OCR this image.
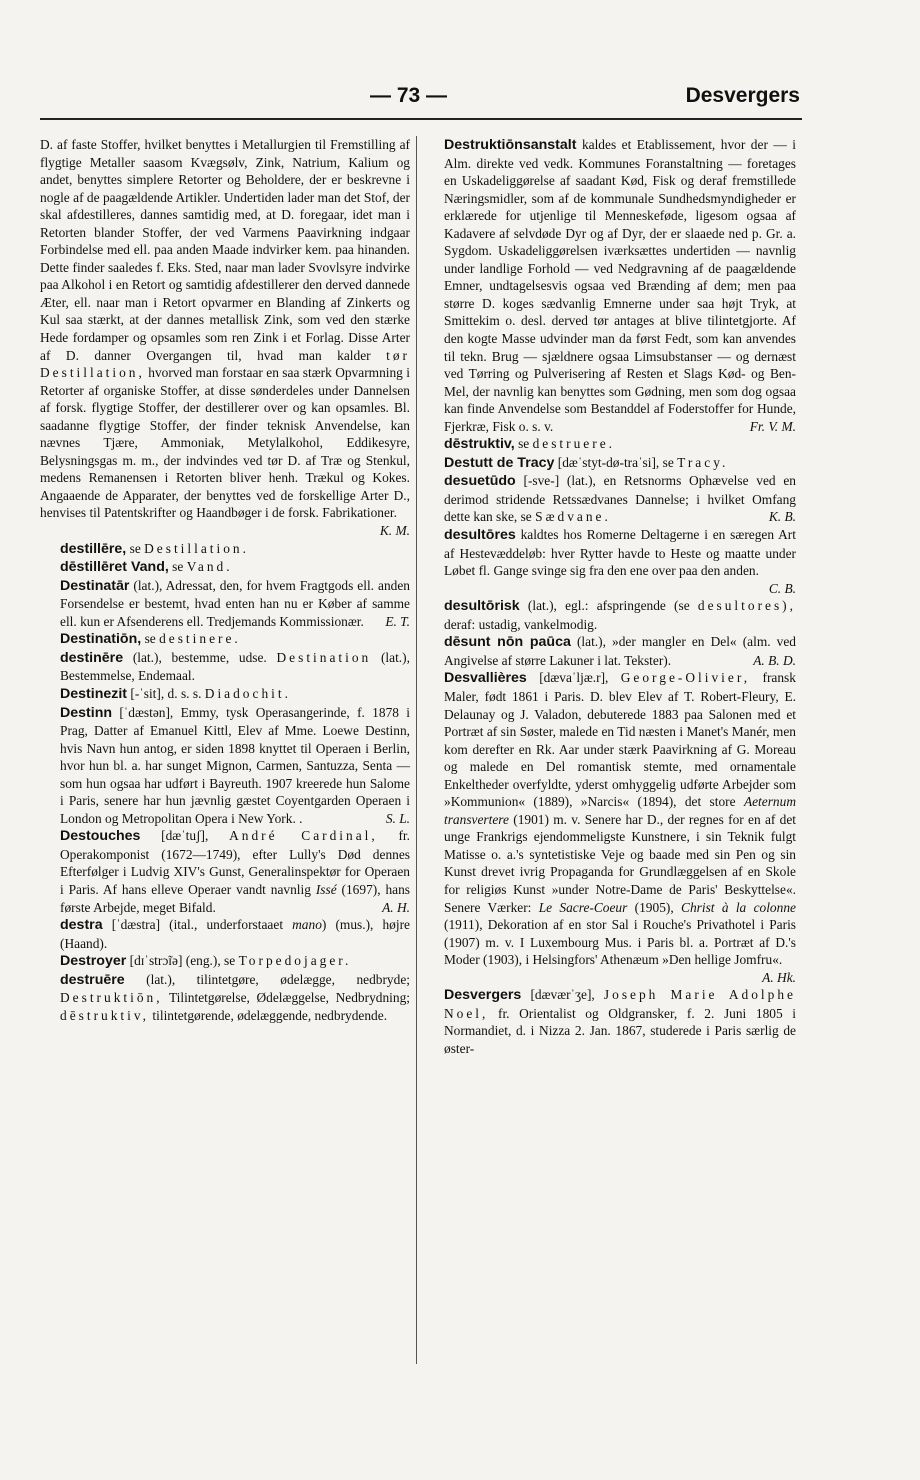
— 73 —	Desvergers

D. af faste Stoffer, hvilket benyttes i Metallurgien til Fremstilling af flygtige Metaller saasom Kvægsølv, Zink, Natrium, Kalium og andet, benyttes simplere Retorter og Beholdere, der er beskrevne i nogle af de paagældende Artikler. Undertiden lader man det Stof, der skal afdestilleres, dannes samtidig med, at D. foregaar, idet man i Retorten blander Stoffer, der ved Varmens Paavirkning indgaar Forbindelse med ell. paa anden Maade indvirker kem. paa hinanden. Dette finder saaledes f. Eks. Sted, naar man lader Svovlsyre indvirke paa Alkohol i en Retort og samtidig afdestillerer den derved dannede Æter, ell. naar man i Retort opvarmer en Blanding af Zinkerts og Kul saa stærkt, at der dannes metallisk Zink, som ved den stærke Hede fordamper og opsamles som ren Zink i et Forlag. Disse Arter af D. danner Overgangen til, hvad man kalder tør Destillation, hvorved man forstaar en saa stærk Opvarmning i Retorter af organiske Stoffer, at disse sønderdeles under Dannelsen af forsk. flygtige Stoffer, der destillerer over og kan opsamles. Bl. saadanne flygtige Stoffer, der finder teknisk Anvendelse, kan nævnes Tjære, Ammoniak, Metylalkohol, Eddikesyre, Belysningsgas m. m., der indvindes ved tør D. af Træ og Stenkul, medens Remanensen i Retorten bliver henh. Trækul og Kokes. Angaaende de Apparater, der benyttes ved de forskellige Arter D., henvises til Patentskrifter og Haandbøger i de forsk. Fabrikationer.
K. M.

destillēre, se Destillation.

dēstillēret Vand, se Vand.

Destinatār (lat.), Adressat, den, for hvem Fragtgods ell. anden Forsendelse er bestemt, hvad enten han nu er Køber af samme ell. kun er Afsenderens ell. Tredjemands Kommissionær.	E. T.

Destinatiōn, se destinere.

destinēre (lat.), bestemme, udse. Destination (lat.), Bestemmelse, Endemaal.

Destinezit [-ˈsit], d. s. s. Diadochit.

Destinn [ˈdæstən], Emmy, tysk Operasangerinde, f. 1878 i Prag, Datter af Emanuel Kittl, Elev af Mme. Loewe Destinn, hvis Navn hun antog, er siden 1898 knyttet til Operaen i Berlin, hvor hun bl. a. har sunget Mignon, Carmen, Santuzza, Senta — som hun ogsaa har udført i Bayreuth. 1907 kreerede hun Salome i Paris, senere har hun jævnlig gæstet Coyentgarden Operaen i London og Metropolitan Opera i New York. .	S. L.

Destouches [dæˈtuʃ], André Cardinal, fr. Operakomponist (1672—1749), efter Lully's Død dennes Efterfølger i Ludvig XIV's Gunst, Generalinspektør for Operaen i Paris. Af hans elleve Operaer vandt navnlig Issé (1697), hans første Arbejde, meget Bifald.	A. H.

destra [ˈdæstra] (ital., underforstaaet mano) (mus.), højre (Haand).

Destroyer [dɪˈstrɔ̃ɪə] (eng.), se Torpedojager.

destruēre (lat.), tilintetgøre, ødelægge, nedbryde; Destruktiōn, Tilintetgørelse, Ødelæggelse, Nedbrydning; dēstruktiv, tilintetgørende, ødelæggende, nedbrydende.

Destruktiōnsanstalt kaldes et Etablissement, hvor der — i Alm. direkte ved vedk. Kommunes Foranstaltning — foretages en Uskadeliggørelse af saadant Kød, Fisk og deraf fremstillede Næringsmidler, som af de kommunale Sundhedsmyndigheder er erklærede for utjenlige til Menneskeføde, ligesom ogsaa af Kadavere af selvdøde Dyr og af Dyr, der er slaaede ned p. Gr. a. Sygdom. Uskadeliggørelsen iværksættes undertiden — navnlig under landlige Forhold — ved Nedgravning af de paagældende Emner, undtagelsesvis ogsaa ved Brænding af dem; men paa større D. koges sædvanlig Emnerne under saa højt Tryk, at Smittekim o. desl. derved tør antages at blive tilintetgjorte. Af den kogte Masse udvinder man da først Fedt, som kan anvendes til tekn. Brug — sjældnere ogsaa Limsubstanser — og dernæst ved Tørring og Pulverisering af Resten et Slags Kød- og Ben-Mel, der navnlig kan benyttes som Gødning, men som dog ogsaa kan finde Anvendelse som Bestanddel af Foderstoffer for Hunde, Fjerkræ, Fisk o. s. v.	Fr. V. M.

dēstruktiv, se destruere.

Destutt de Tracy [dæˈstyt-dø-traˈsi], se Tracy.

desuetūdo [-sve-] (lat.), en Retsnorms Ophævelse ved en derimod stridende Retssædvanes Dannelse; i hvilket Omfang dette kan ske, se Sædvane.	K. B.

desultōres kaldtes hos Romerne Deltagerne i en særegen Art af Hestevæddeløb: hver Rytter havde to Heste og maatte under Løbet fl. Gange svinge sig fra den ene over paa den anden.
C. B.

desultōrisk (lat.), egl.: afspringende (se desultores), deraf: ustadig, vankelmodig.

dēsunt nōn paūca (lat.), »der mangler en Del« (alm. ved Angivelse af større Lakuner i lat. Tekster).	A. B. D.

Desvallières [dævaˈljæ.r], George-Olivier, fransk Maler, født 1861 i Paris. D. blev Elev af T. Robert-Fleury, E. Delaunay og J. Valadon, debuterede 1883 paa Salonen med et Portræt af sin Søster, malede en Tid næsten i Manet's Manér, men kom derefter en Rk. Aar under stærk Paavirkning af G. Moreau og malede en Del romantisk stemte, med ornamentale Enkeltheder overfyldte, yderst omhyggelig udførte Arbejder som »Kommunion« (1889), »Narcis« (1894), det store Aeternum transvertere (1901) m. v. Senere har D., der regnes for en af det unge Frankrigs ejendommeligste Kunstnere, i sin Teknik fulgt Matisse o. a.'s syntetistiske Veje og baade med sin Pen og sin Kunst drevet ivrig Propaganda for Grundlæggelsen af en Skole for religiøs Kunst »under Notre-Dame de Paris' Beskyttelse«. Senere Værker: Le Sacre-Coeur (1905), Christ à la colonne (1911), Dekoration af en stor Sal i Rouche's Privathotel i Paris (1907) m. v. I Luxembourg Mus. i Paris bl. a. Portræt af D.'s Moder (1903), i Helsingfors' Athenæum »Den hellige Jomfru«.
A. Hk.

Desvergers [dæværˈʒe], Joseph Marie Adolphe Noel, fr. Orientalist og Oldgransker, f. 2. Juni 1805 i Normandiet, d. i Nizza 2. Jan. 1867, studerede i Paris særlig de øster-
